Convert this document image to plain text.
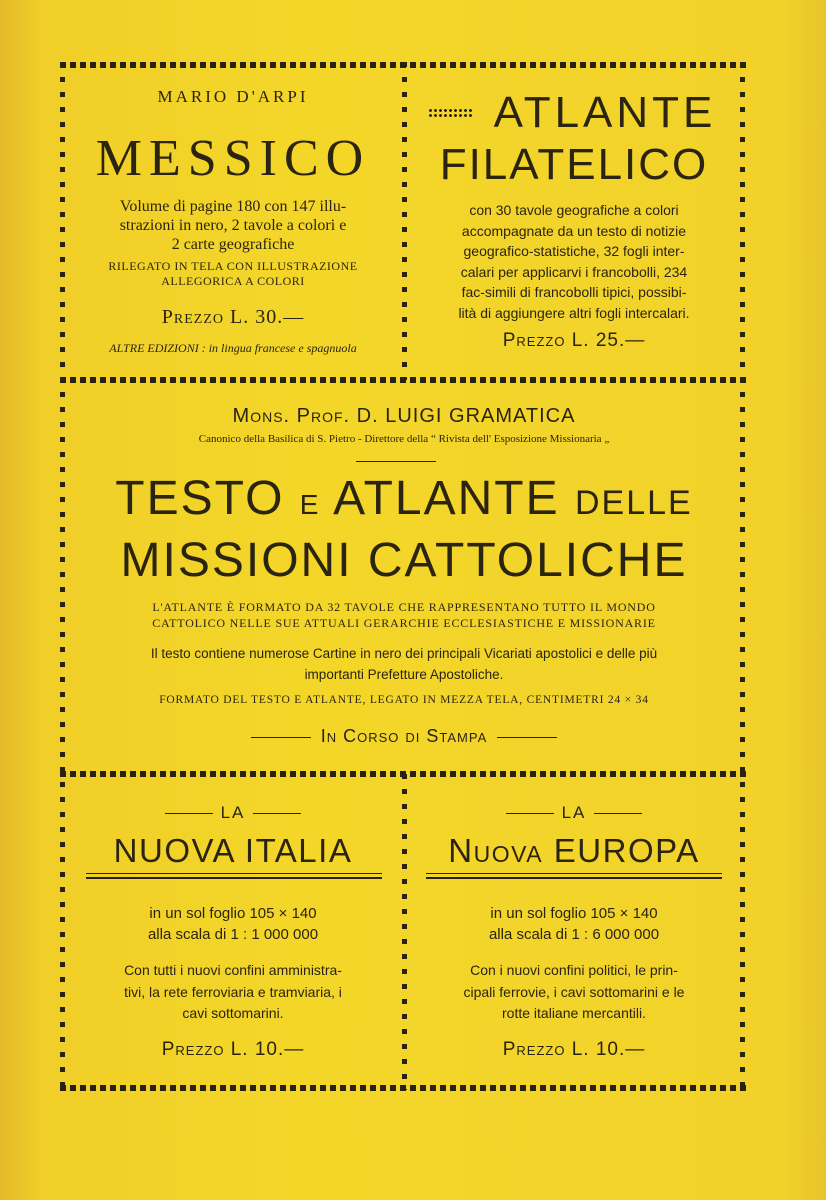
MARIO D'ARPI
MESSICO
Volume di pagine 180 con 147 illu-
strazioni in nero, 2 tavole a colori e
2 carte geografiche
RILEGATO IN TELA CON ILLUSTRAZIONE
ALLEGORICA A COLORI
Prezzo L. 30.—
ALTRE EDIZIONI : in lingua francese e spagnuola
ATLANTE
FILATELICO
con 30 tavole geografiche a colori
accompagnate da un testo di notizie
geografico-statistiche, 32 fogli inter-
calari per applicarvi i francobolli, 234
fac-simili di francobolli tipici, possibi-
lità di aggiungere altri fogli intercalari.
Prezzo L. 25.—
Mons. Prof. D. LUIGI GRAMATICA
Canonico della Basilica di S. Pietro - Direttore della “ Rivista dell' Esposizione Missionaria „
TESTO E ATLANTE DELLE
MISSIONI CATTOLICHE
L'ATLANTE È FORMATO DA 32 TAVOLE CHE RAPPRESENTANO TUTTO IL MONDO
CATTOLICO NELLE SUE ATTUALI GERARCHIE ECCLESIASTICHE E MISSIONARIE
Il testo contiene numerose Cartine in nero dei principali Vicariati apostolici e delle più
importanti Prefetture Apostoliche.
FORMATO DEL TESTO E ATLANTE, LEGATO IN MEZZA TELA, CENTIMETRI 24 × 34
In Corso di Stampa
LA
NUOVA ITALIA
in un sol foglio 105 × 140
alla scala di 1 : 1 000 000
Con tutti i nuovi confini amministra-
tivi, la rete ferroviaria e tramviaria, i
cavi sottomarini.
Prezzo L. 10.—
LA
Nuova EUROPA
in un sol foglio 105 × 140
alla scala di 1 : 6 000 000
Con i nuovi confini politici, le prin-
cipali ferrovie, i cavi sottomarini e le
rotte italiane mercantili.
Prezzo L. 10.—
